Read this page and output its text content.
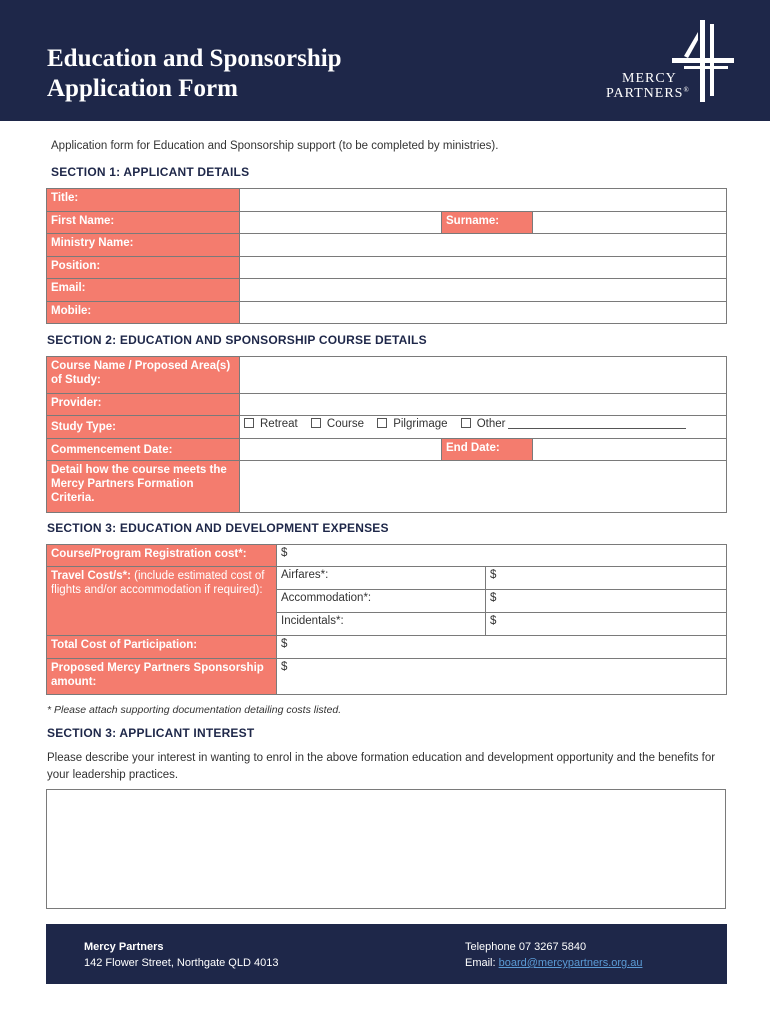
Education and Sponsorship
Application Form	MERCY
PARTNERS®
Application form for Education and Sponsorship support (to be completed by ministries).
SECTION 1: APPLICANT DETAILS
Title:			
First Name:		Surname:	
Ministry Name:			
Position:			
Email:			
Mobile:			
SECTION 2: EDUCATION AND SPONSORSHIP COURSE DETAILS
Course Name / Proposed Area(s) of Study:			
Provider:			
Study Type:	Retreat Course Pilgrimage Other		
Commencement Date:		End Date:	
Detail how the course meets the Mercy Partners Formation Criteria.			
SECTION 3: EDUCATION AND DEVELOPMENT EXPENSES
Course/Program Registration cost*:	$	
Travel Cost/s*: (include estimated cost of flights and/or accommodation if required):	Airfares*:	$
	Accommodation*:	$
	Incidentals*:	$
Total Cost of Participation:	$	
Proposed Mercy Partners Sponsorship amount:	$	
* Please attach supporting documentation detailing costs listed.
SECTION 3: APPLICANT INTEREST
Please describe your interest in wanting to enrol in the above formation education and development opportunity and the benefits for your leadership practices.
Mercy Partners
142 Flower Street, Northgate QLD 4013
Telephone 07 3267 5840
Email: board@mercypartners.org.au
